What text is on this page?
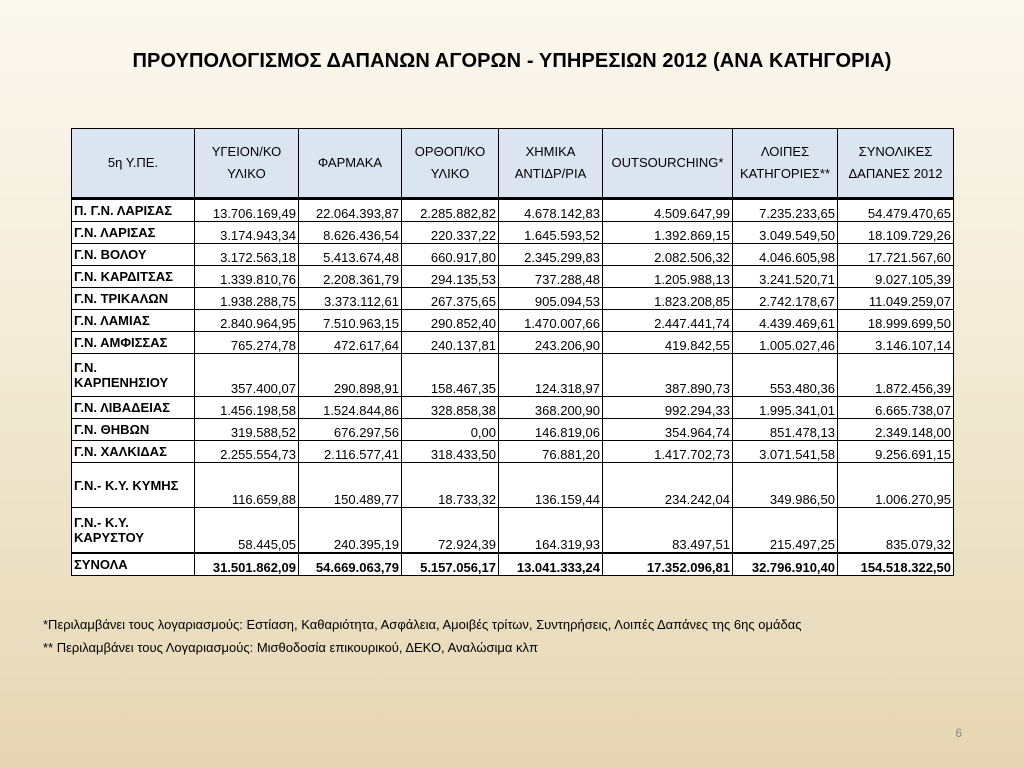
ΠΡΟΥΠΟΛΟΓΙΣΜΟΣ ΔΑΠΑΝΩΝ ΑΓΟΡΩΝ - ΥΠΗΡΕΣΙΩΝ 2012 (ΑΝΑ ΚΑΤΗΓΟΡΙΑ)
5η Υ.ΠΕ.	ΥΓΕΙΟΝ/ΚΟ ΥΛΙΚΟ	ΦΑΡΜΑΚΑ	ΟΡΘΟΠ/ΚΟ ΥΛΙΚΟ	ΧΗΜΙΚΑ ΑΝΤΙΔΡ/ΡΙΑ	OUTSOURCHING*	ΛΟΙΠΕΣ ΚΑΤΗΓΟΡΙΕΣ**	ΣΥΝΟΛΙΚΕΣ ΔΑΠΑΝΕΣ 2012
Π. Γ.Ν. ΛΑΡΙΣΑΣ	13.706.169,49	22.064.393,87	2.285.882,82	4.678.142,83	4.509.647,99	7.235.233,65	54.479.470,65
Γ.Ν. ΛΑΡΙΣΑΣ	3.174.943,34	8.626.436,54	220.337,22	1.645.593,52	1.392.869,15	3.049.549,50	18.109.729,26
Γ.Ν. ΒΟΛΟΥ	3.172.563,18	5.413.674,48	660.917,80	2.345.299,83	2.082.506,32	4.046.605,98	17.721.567,60
Γ.Ν. ΚΑΡΔΙΤΣΑΣ	1.339.810,76	2.208.361,79	294.135,53	737.288,48	1.205.988,13	3.241.520,71	9.027.105,39
Γ.Ν. ΤΡΙΚΑΛΩΝ	1.938.288,75	3.373.112,61	267.375,65	905.094,53	1.823.208,85	2.742.178,67	11.049.259,07
Γ.Ν. ΛΑΜΙΑΣ	2.840.964,95	7.510.963,15	290.852,40	1.470.007,66	2.447.441,74	4.439.469,61	18.999.699,50
Γ.Ν. ΑΜΦΙΣΣΑΣ	765.274,78	472.617,64	240.137,81	243.206,90	419.842,55	1.005.027,46	3.146.107,14
Γ.Ν. ΚΑΡΠΕΝΗΣΙΟΥ	357.400,07	290.898,91	158.467,35	124.318,97	387.890,73	553.480,36	1.872.456,39
Γ.Ν. ΛΙΒΑΔΕΙΑΣ	1.456.198,58	1.524.844,86	328.858,38	368.200,90	992.294,33	1.995.341,01	6.665.738,07
Γ.Ν. ΘΗΒΩΝ	319.588,52	676.297,56	0,00	146.819,06	354.964,74	851.478,13	2.349.148,00
Γ.Ν. ΧΑΛΚΙΔΑΣ	2.255.554,73	2.116.577,41	318.433,50	76.881,20	1.417.702,73	3.071.541,58	9.256.691,15
Γ.Ν.- Κ.Υ. ΚΥΜΗΣ	116.659,88	150.489,77	18.733,32	136.159,44	234.242,04	349.986,50	1.006.270,95
Γ.Ν.- Κ.Υ. ΚΑΡΥΣΤΟΥ	58.445,05	240.395,19	72.924,39	164.319,93	83.497,51	215.497,25	835.079,32
ΣΥΝΟΛΑ	31.501.862,09	54.669.063,79	5.157.056,17	13.041.333,24	17.352.096,81	32.796.910,40	154.518.322,50
*Περιλαμβάνει τους λογαριασμούς: Εστίαση, Καθαριότητα, Ασφάλεια, Αμοιβές τρίτων, Συντηρήσεις, Λοιπές Δαπάνες της 6ης ομάδας
** Περιλαμβάνει τους Λογαριασμούς: Μισθοδοσία επικουρικού, ΔΕΚΟ, Αναλώσιμα κλπ
6
